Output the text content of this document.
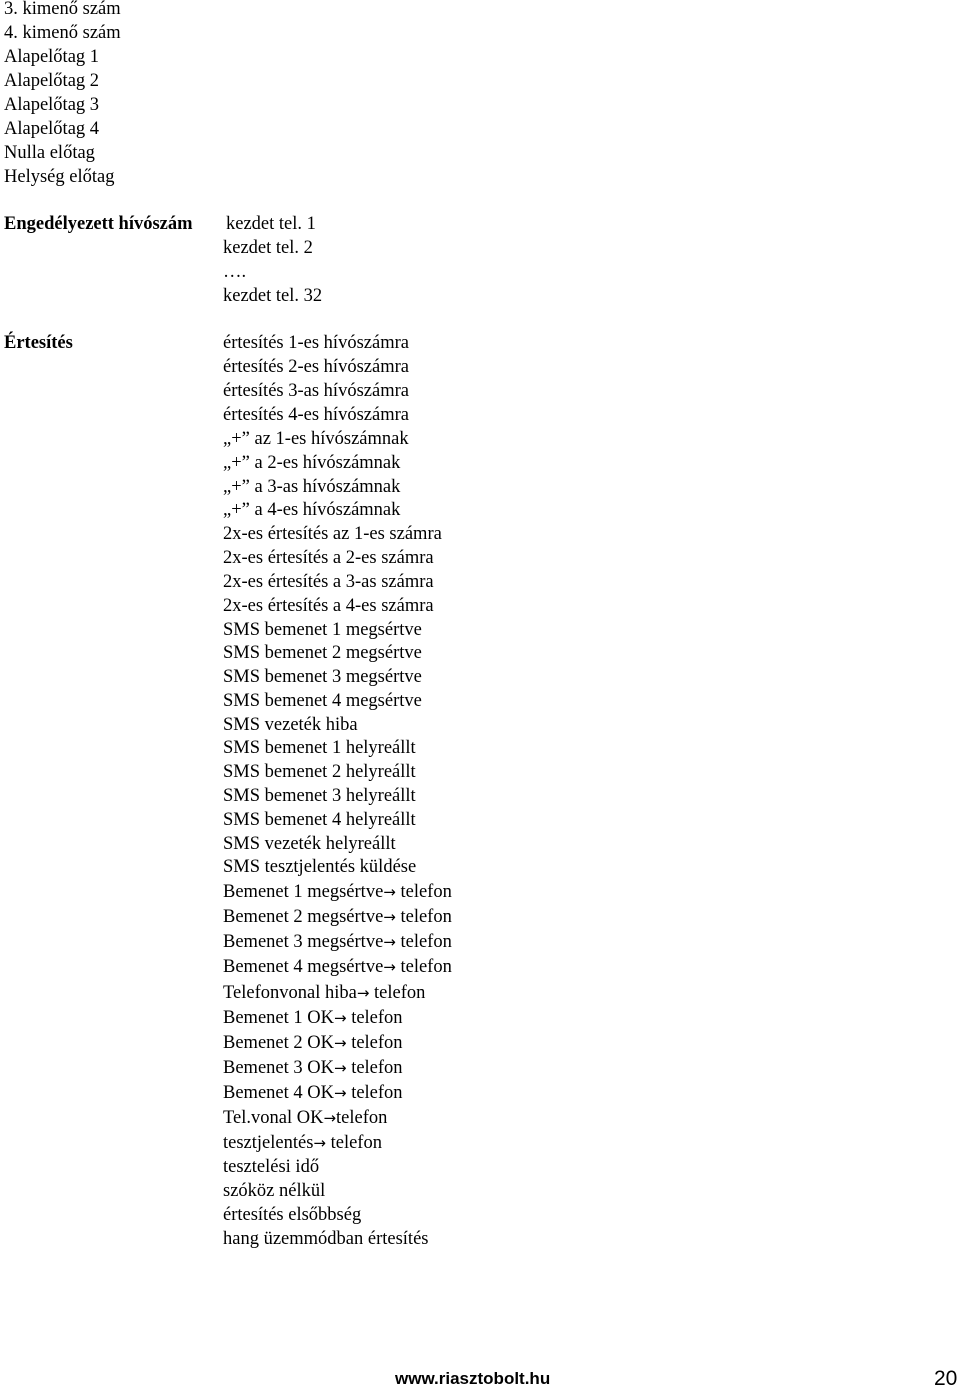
3. kimenő szám
4. kimenő szám
Alapelőtag 1
Alapelőtag 2
Alapelőtag 3
Alapelőtag 4
Nulla előtag
Helység előtag
Engedélyezett hívószám kezdet tel. 1
kezdet tel. 2
….
kezdet tel. 32
Értesítés	értesítés 1-es hívószámra
értesítés 2-es hívószámra
értesítés 3-as hívószámra
értesítés 4-es hívószámra
„+” az 1-es hívószámnak
„+” a 2-es hívószámnak
„+” a 3-as hívószámnak
„+” a 4-es hívószámnak
2x-es értesítés az 1-es számra
2x-es értesítés a 2-es számra
2x-es értesítés a 3-as számra
2x-es értesítés a 4-es számra
SMS bemenet 1 megsértve
SMS bemenet 2 megsértve
SMS bemenet 3 megsértve
SMS bemenet 4 megsértve
SMS vezeték hiba
SMS bemenet 1 helyreállt
SMS bemenet 2 helyreállt
SMS bemenet 3 helyreállt
SMS bemenet 4 helyreállt
SMS vezeték helyreállt
SMS tesztjelentés küldése
Bemenet 1 megsértve→ telefon
Bemenet 2 megsértve→ telefon
Bemenet 3 megsértve→ telefon
Bemenet 4 megsértve→ telefon
Telefonvonal hiba→ telefon
Bemenet 1 OK→ telefon
Bemenet 2 OK→ telefon
Bemenet 3 OK→ telefon
Bemenet 4 OK→ telefon
Tel.vonal OK→telefon
tesztjelentés→ telefon
tesztelési idő
szóköz nélkül
értesítés elsőbbség
hang üzemmódban értesítés
www.riasztobolt.hu	20
